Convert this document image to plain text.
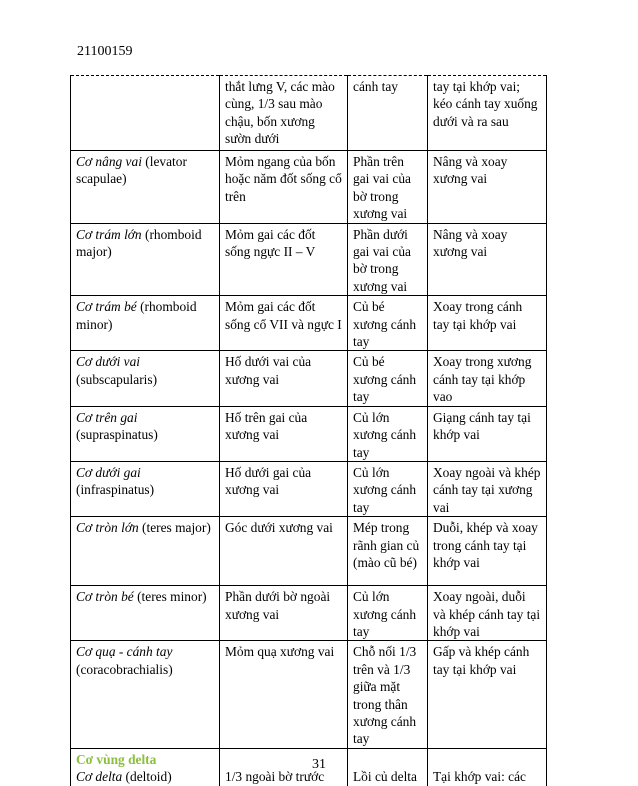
21100159
	thắt lưng V, các mào cùng, 1/3 sau mào chậu, bốn xương sườn dưới	cánh tay	tay tại khớp vai; kéo cánh tay xuống dưới và ra sau
Cơ nâng vai (levator scapulae)	Mỏm ngang của bốn hoặc năm đốt sống cổ trên	Phần trên gai vai của bờ trong xương vai	Nâng và xoay xương vai
Cơ trám lớn (rhomboid major)	Mỏm gai các đốt sống ngực II – V	Phần dưới gai vai của bờ trong xương vai	Nâng và xoay xương vai
Cơ trám bé (rhomboid minor)	Mỏm gai các đốt sống cổ VII và ngực I	Củ bé xương cánh tay	Xoay trong cánh tay tại khớp vai
Cơ dưới vai (subscapularis)	Hố dưới vai của xương vai	Củ bé xương cánh tay	Xoay trong xương cánh tay tại khớp vao
Cơ trên gai (supraspinatus)	Hố trên gai của xương vai	Củ lớn xương cánh tay	Giạng cánh tay tại khớp vai
Cơ dưới gai (infraspinatus)	Hố dưới gai của xương vai	Củ lớn xương cánh tay	Xoay ngoài và khép cánh tay tại xương vai
Cơ tròn lớn (teres major)	Góc dưới xương vai	Mép trong rãnh gian củ (mào cũ bé)	Duỗi, khép và xoay trong cánh tay tại khớp vai
Cơ tròn bé (teres minor)	Phần dưới bờ ngoài xương vai	Củ lớn xương cánh tay	Xoay ngoài, duỗi và khép cánh tay tại khớp vai
Cơ quạ - cánh tay (coracobrachialis)	Mỏm quạ xương vai	Chỗ nối 1/3 trên và 1/3 giữa mặt trong thân xương cánh tay	Gấp và khép cánh tay tại khớp vai

Cơ vùng delta
Cơ delta (deltoid)	1/3 ngoài bờ trước	Lồi củ delta	Tại khớp vai: các
31
